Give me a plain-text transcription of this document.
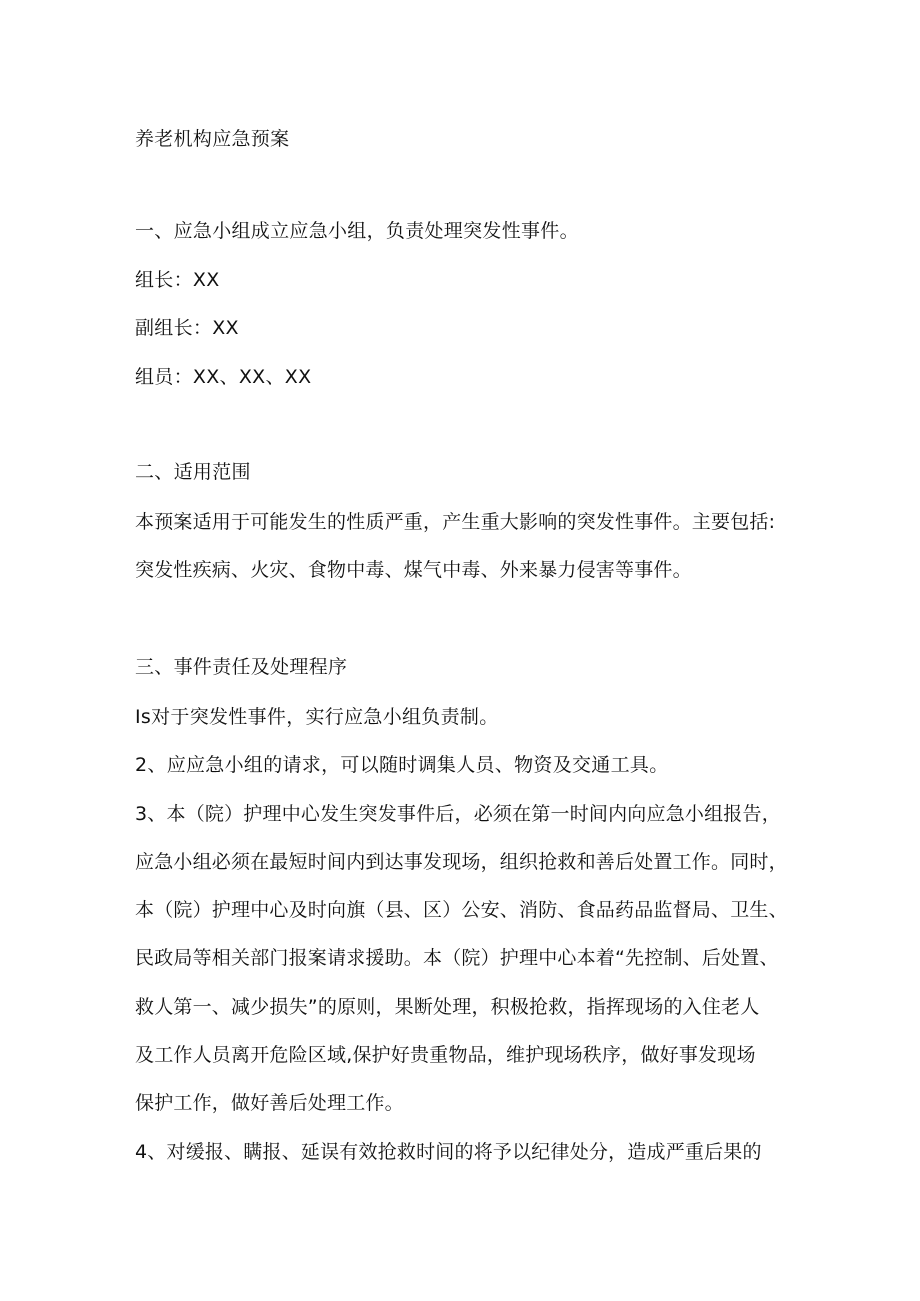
养老机构应急预案

一、应急小组成立应急小组，负责处理突发性事件。

组长：XX

副组长：XX

组员：XX、XX、XX

二、适用范围

本预案适用于可能发生的性质严重，产生重大影响的突发性事件。主要包括:

突发性疾病、火灾、食物中毒、煤气中毒、外来暴力侵害等事件。

三、事件责任及处理程序

Is对于突发性事件，实行应急小组负责制。

2、应应急小组的请求，可以随时调集人员、物资及交通工具。

3、本（院）护理中心发生突发事件后，必须在第一时间内向应急小组报告，

应急小组必须在最短时间内到达事发现场，组织抢救和善后处置工作。同时，

本（院）护理中心及时向旗（县、区）公安、消防、食品药品监督局、卫生、

民政局等相关部门报案请求援助。本（院）护理中心本着“先控制、后处置、

救人第一、减少损失”的原则，果断处理，积极抢救，指挥现场的入住老人

及工作人员离开危险区域,保护好贵重物品，维护现场秩序，做好事发现场

保护工作，做好善后处理工作。

4、对缓报、瞒报、延误有效抢救时间的将予以纪律处分，造成严重后果的
